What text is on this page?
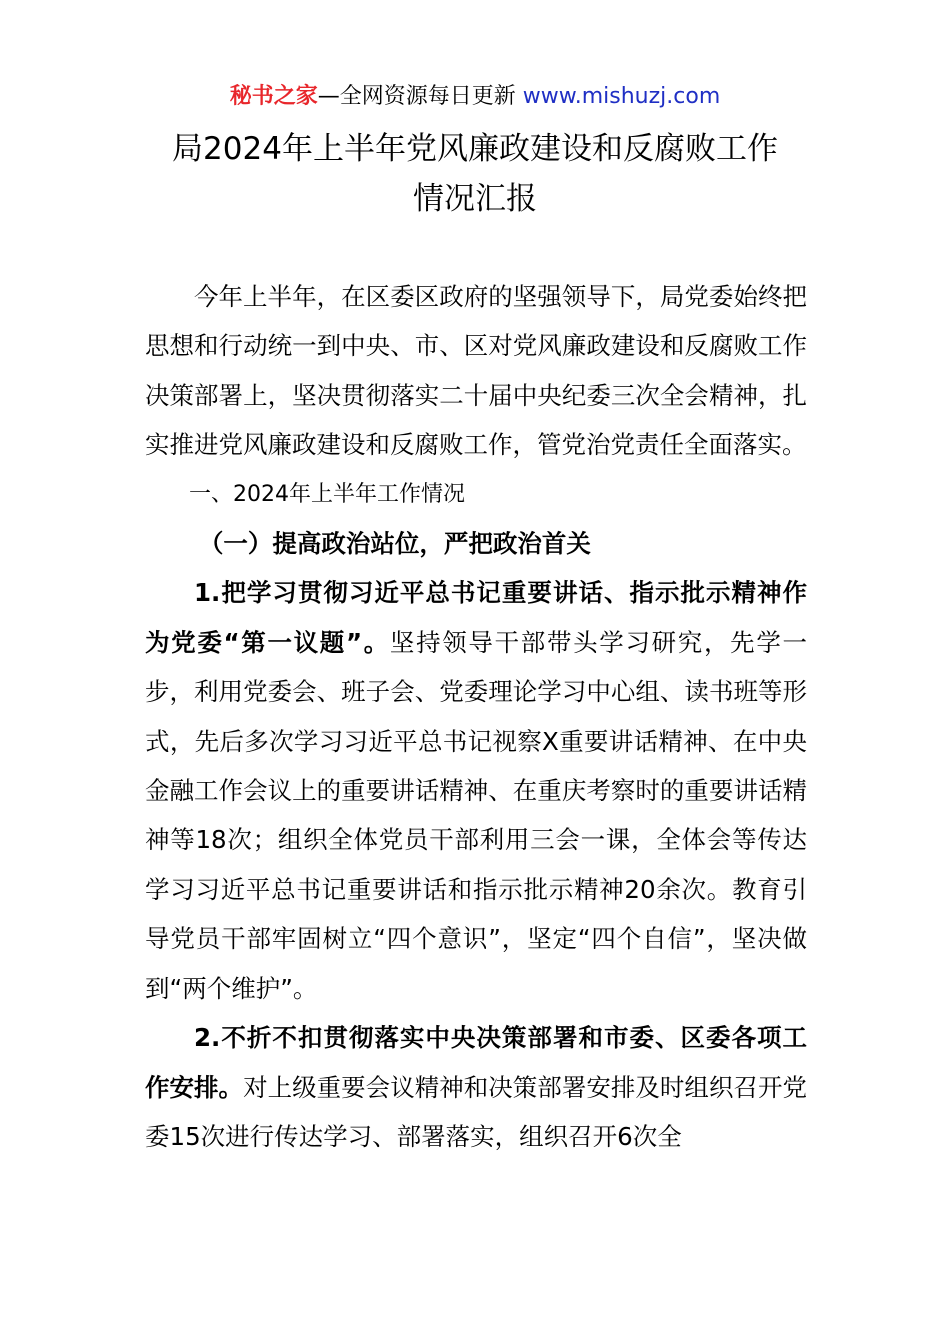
秘书之家—全网资源每日更新 www.mishuzj.com
局2024年上半年党风廉政建设和反腐败工作
情况汇报

今年上半年，在区委区政府的坚强领导下，局党委始终把思想和行动统一到中央、市、区对党风廉政建设和反腐败工作决策部署上，坚决贯彻落实二十届中央纪委三次全会精神，扎实推进党风廉政建设和反腐败工作，管党治党责任全面落实。

一、2024年上半年工作情况

（一）提高政治站位，严把政治首关

1.把学习贯彻习近平总书记重要讲话、指示批示精神作为党委“第一议题”。坚持领导干部带头学习研究，先学一步，利用党委会、班子会、党委理论学习中心组、读书班等形式，先后多次学习习近平总书记视察X重要讲话精神、在中央金融工作会议上的重要讲话精神、在重庆考察时的重要讲话精神等18次；组织全体党员干部利用三会一课，全体会等传达学习习近平总书记重要讲话和指示批示精神20余次。教育引导党员干部牢固树立“四个意识”，坚定“四个自信”，坚决做到“两个维护”。

2.不折不扣贯彻落实中央决策部署和市委、区委各项工作安排。对上级重要会议精神和决策部署安排及时组织召开党委15次进行传达学习、部署落实，组织召开6次全
